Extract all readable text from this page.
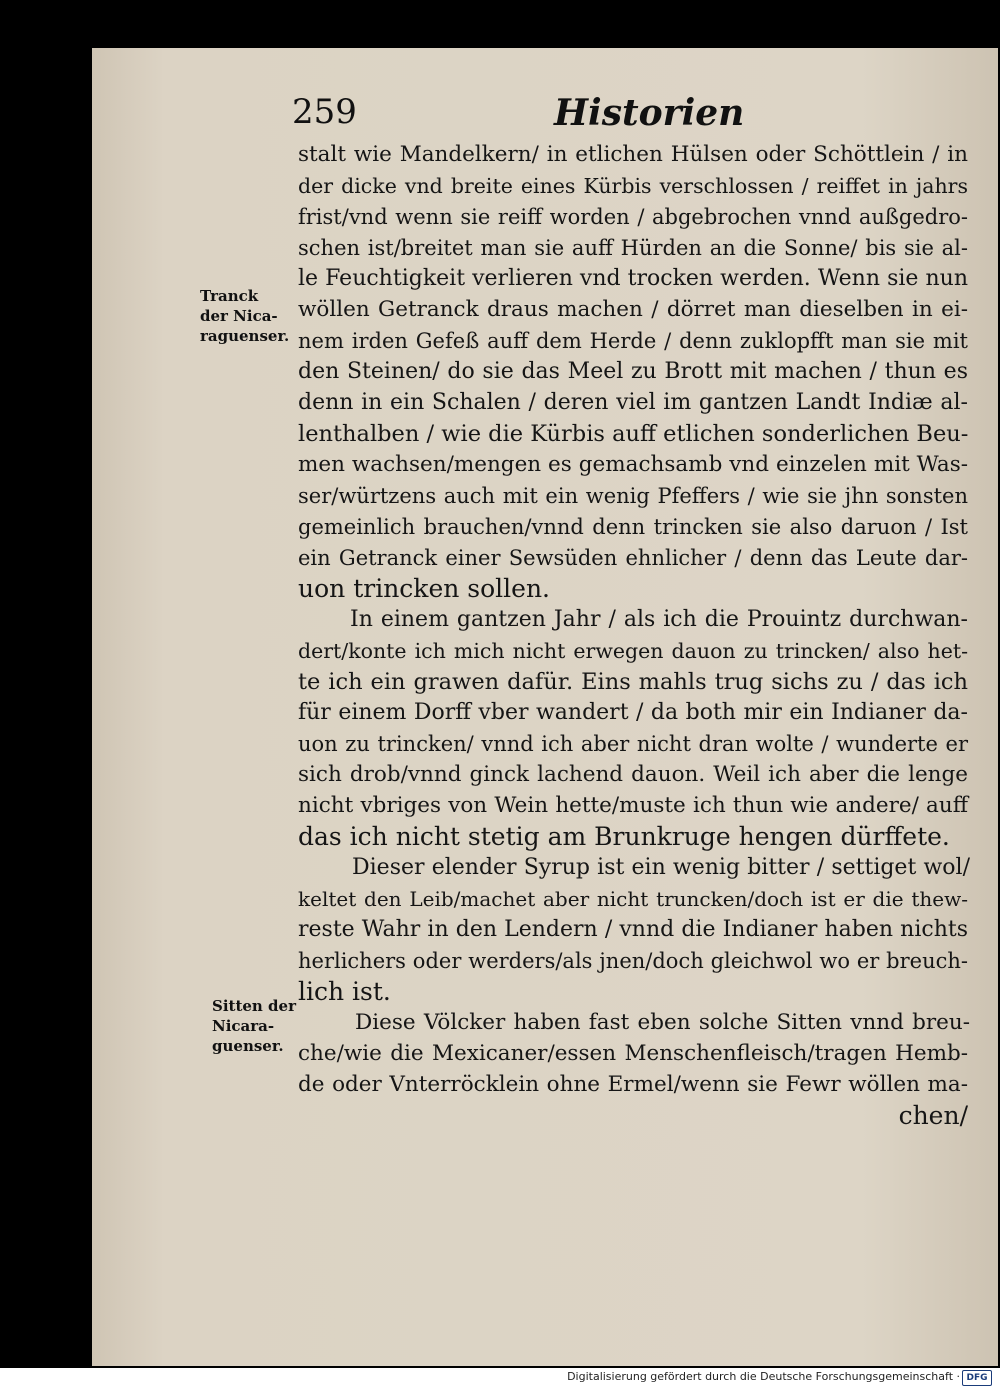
259	Historien
Tranck
der Nica-
raguenser.
Sitten der
Nicara-
guenser.
stalt wie Mandelkern/ in etlichen Hülsen oder Schöttlein / in
der dicke vnd breite eines Kürbis verschlossen / reiffet in jahrs
frist/vnd wenn sie reiff worden / abgebrochen vnnd außgedro-
schen ist/breitet man sie auff Hürden an die Sonne/ bis sie al-
le Feuchtigkeit verlieren vnd trocken werden. Wenn sie nun
wöllen Getranck draus machen / dörret man dieselben in ei-
nem irden Gefeß auff dem Herde / denn zuklopfft man sie mit
den Steinen/ do sie das Meel zu Brott mit machen / thun es
denn in ein Schalen / deren viel im gantzen Landt Indiæ al-
lenthalben / wie die Kürbis auff etlichen sonderlichen Beu-
men wachsen/mengen es gemachsamb vnd einzelen mit Was-
ser/würtzens auch mit ein wenig Pfeffers / wie sie jhn sonsten
gemeinlich brauchen/vnnd denn trincken sie also daruon / Ist
ein Getranck einer Sewsüden ehnlicher / denn das Leute dar-
uon trincken sollen.
In einem gantzen Jahr / als ich die Prouintz durchwan-
dert/konte ich mich nicht erwegen dauon zu trincken/ also het-
te ich ein grawen dafür. Eins mahls trug sichs zu / das ich
für einem Dorff vber wandert / da both mir ein Indianer da-
uon zu trincken/ vnnd ich aber nicht dran wolte / wunderte er
sich drob/vnnd ginck lachend dauon. Weil ich aber die lenge
nicht vbriges von Wein hette/muste ich thun wie andere/ auff
das ich nicht stetig am Brunkruge hengen dürffete.
Dieser elender Syrup ist ein wenig bitter / settiget wol/
keltet den Leib/machet aber nicht truncken/doch ist er die thew-
reste Wahr in den Lendern / vnnd die Indianer haben nichts
herlichers oder werders/als jnen/doch gleichwol wo er breuch-
lich ist.
Diese Völcker haben fast eben solche Sitten vnnd breu-
che/wie die Mexicaner/essen Menschenfleisch/tragen Hemb-
de oder Vnterröcklein ohne Ermel/wenn sie Fewr wöllen ma-
chen/
Digitalisierung gefördert durch die Deutsche Forschungsgemeinschaft · DFG
